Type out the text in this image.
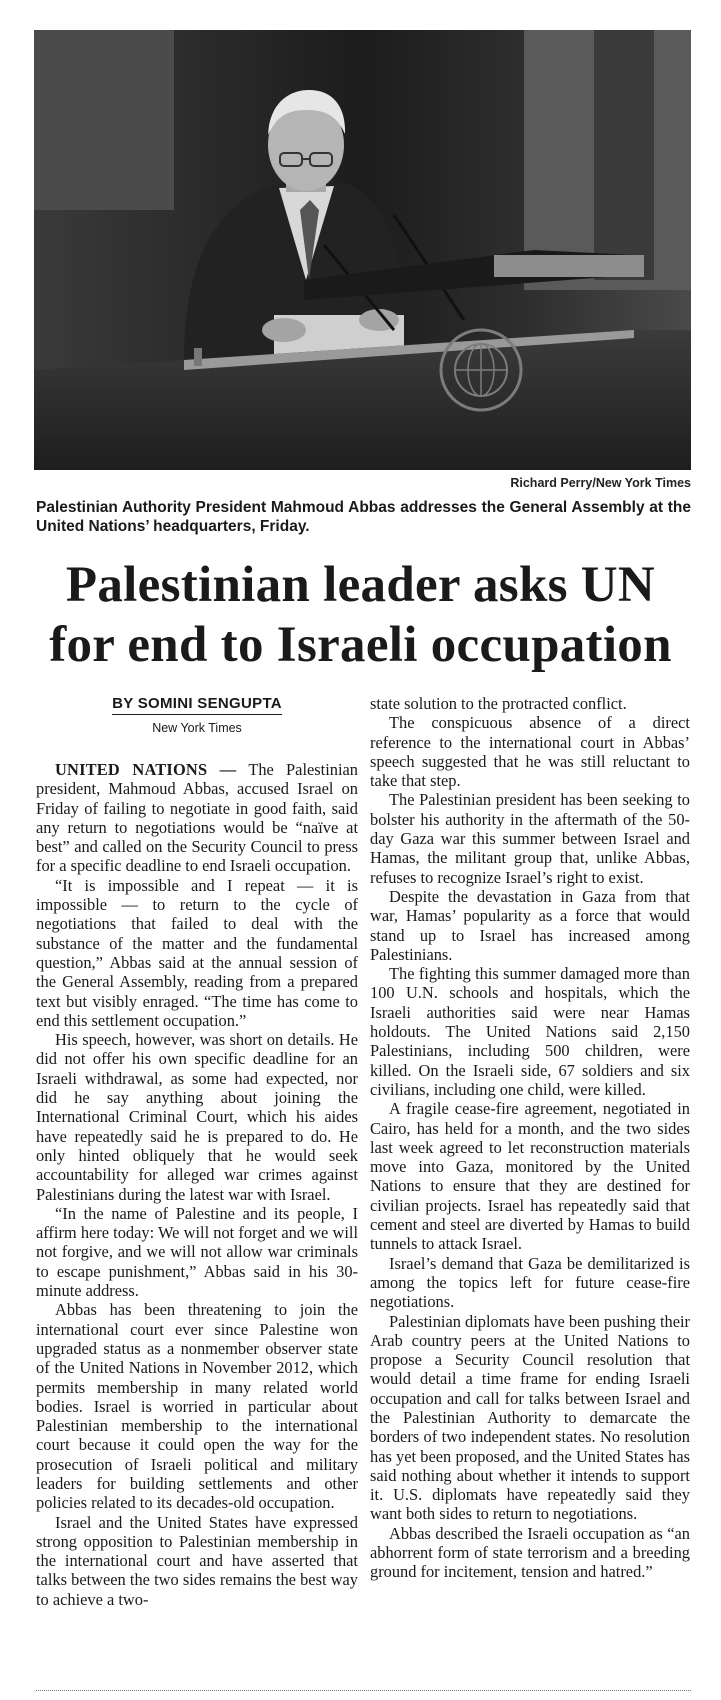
Richard Perry/New York Times
Palestinian Authority President Mahmoud Abbas addresses the General Assembly at the United Nations’ headquarters, Friday.
Palestinian leader asks UN
for end to Israeli occupation
BY SOMINI SENGUPTA
New York Times

UNITED NATIONS — The Palestinian president, Mahmoud Abbas, accused Israel on Friday of failing to negotiate in good faith, said any return to negotiations would be “naïve at best” and called on the Security Council to press for a specific deadline to end Israeli occupation.

“It is impossible and I repeat — it is impossible — to return to the cycle of negotiations that failed to deal with the substance of the matter and the fundamental question,” Abbas said at the annual session of the General Assembly, reading from a prepared text but visibly enraged. “The time has come to end this settlement occupation.”

His speech, however, was short on details. He did not offer his own specific deadline for an Israeli withdrawal, as some had expected, nor did he say anything about joining the International Criminal Court, which his aides have repeatedly said he is prepared to do. He only hinted obliquely that he would seek accountability for alleged war crimes against Palestinians during the latest war with Israel.

“In the name of Palestine and its people, I affirm here today: We will not forget and we will not forgive, and we will not allow war criminals to escape punishment,” Abbas said in his 30-minute address.

Abbas has been threatening to join the international court ever since Palestine won upgraded status as a nonmember observer state of the United Nations in November 2012, which permits membership in many related world bodies. Israel is worried in particular about Palestinian membership to the international court because it could open the way for the prosecution of Israeli political and military leaders for building settlements and other policies related to its decades-old occupation.

Israel and the United States have expressed strong opposition to Palestinian membership in the international court and have asserted that talks between the two sides remains the best way to achieve a two-

state solution to the protracted conflict.

The conspicuous absence of a direct reference to the international court in Abbas’ speech suggested that he was still reluctant to take that step.

The Palestinian president has been seeking to bolster his authority in the aftermath of the 50-day Gaza war this summer between Israel and Hamas, the militant group that, unlike Abbas, refuses to recognize Israel’s right to exist.

Despite the devastation in Gaza from that war, Hamas’ popularity as a force that would stand up to Israel has increased among Palestinians.

The fighting this summer damaged more than 100 U.N. schools and hospitals, which the Israeli authorities said were near Hamas holdouts. The United Nations said 2,150 Palestinians, including 500 children, were killed. On the Israeli side, 67 soldiers and six civilians, including one child, were killed.

A fragile cease-fire agreement, negotiated in Cairo, has held for a month, and the two sides last week agreed to let reconstruction materials move into Gaza, monitored by the United Nations to ensure that they are destined for civilian projects. Israel has repeatedly said that cement and steel are diverted by Hamas to build tunnels to attack Israel.

Israel’s demand that Gaza be demilitarized is among the topics left for future cease-fire negotiations.

Palestinian diplomats have been pushing their Arab country peers at the United Nations to propose a Security Council resolution that would detail a time frame for ending Israeli occupation and call for talks between Israel and the Palestinian Authority to demarcate the borders of two independent states. No resolution has yet been proposed, and the United States has said nothing about whether it intends to support it. U.S. diplomats have repeatedly said they want both sides to return to negotiations.

Abbas described the Israeli occupation as “an abhorrent form of state terrorism and a breeding ground for incitement, tension and hatred.”
